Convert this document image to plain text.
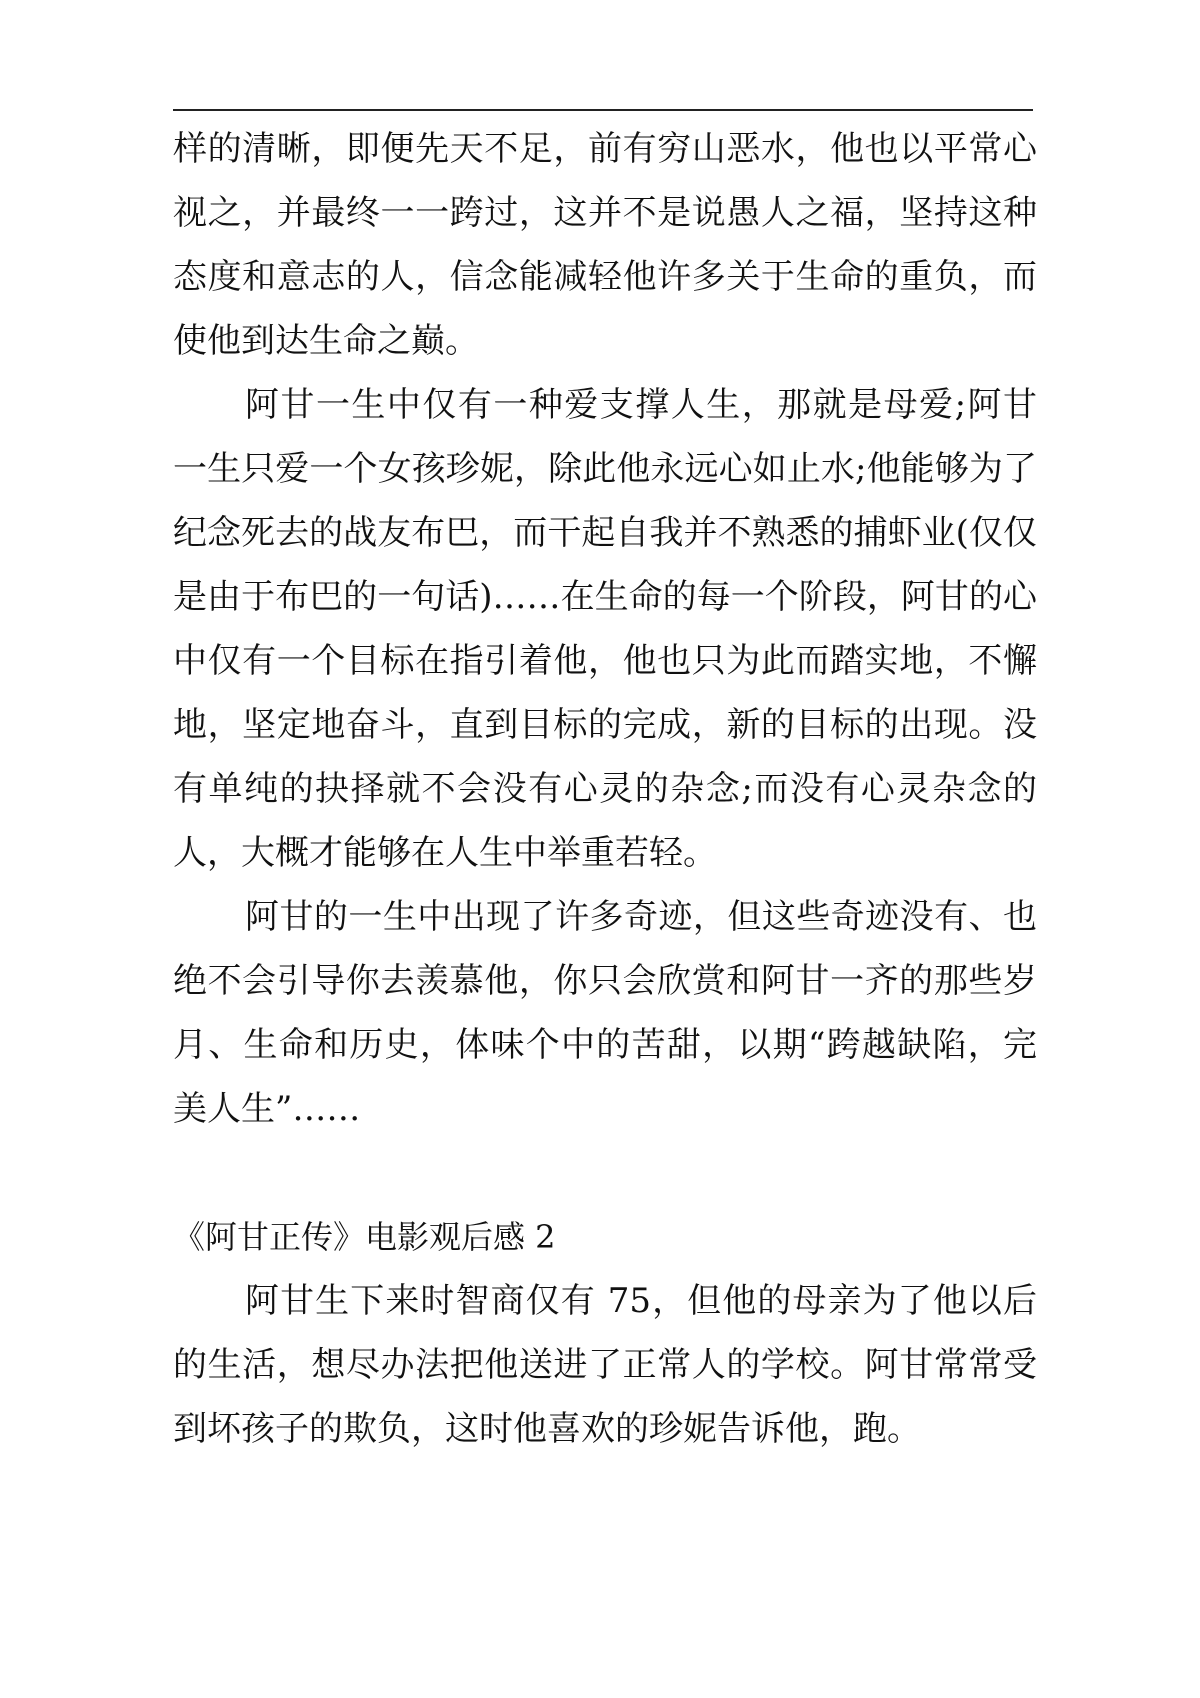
样的清晰，即便先天不足，前有穷山恶水，他也以平常心视之，并最终一一跨过，这并不是说愚人之福，坚持这种态度和意志的人，信念能减轻他许多关于生命的重负，而使他到达生命之巅。

阿甘一生中仅有一种爱支撑人生，那就是母爱;阿甘一生只爱一个女孩珍妮，除此他永远心如止水;他能够为了纪念死去的战友布巴，而干起自我并不熟悉的捕虾业(仅仅是由于布巴的一句话)……在生命的每一个阶段，阿甘的心中仅有一个目标在指引着他，他也只为此而踏实地，不懈地，坚定地奋斗，直到目标的完成，新的目标的出现。没有单纯的抉择就不会没有心灵的杂念;而没有心灵杂念的人，大概才能够在人生中举重若轻。

阿甘的一生中出现了许多奇迹，但这些奇迹没有、也绝不会引导你去羡慕他，你只会欣赏和阿甘一齐的那些岁月、生命和历史，体味个中的苦甜，以期“跨越缺陷，完美人生”……

《阿甘正传》电影观后感 2

阿甘生下来时智商仅有 75，但他的母亲为了他以后的生活，想尽办法把他送进了正常人的学校。阿甘常常受到坏孩子的欺负，这时他喜欢的珍妮告诉他，跑。
